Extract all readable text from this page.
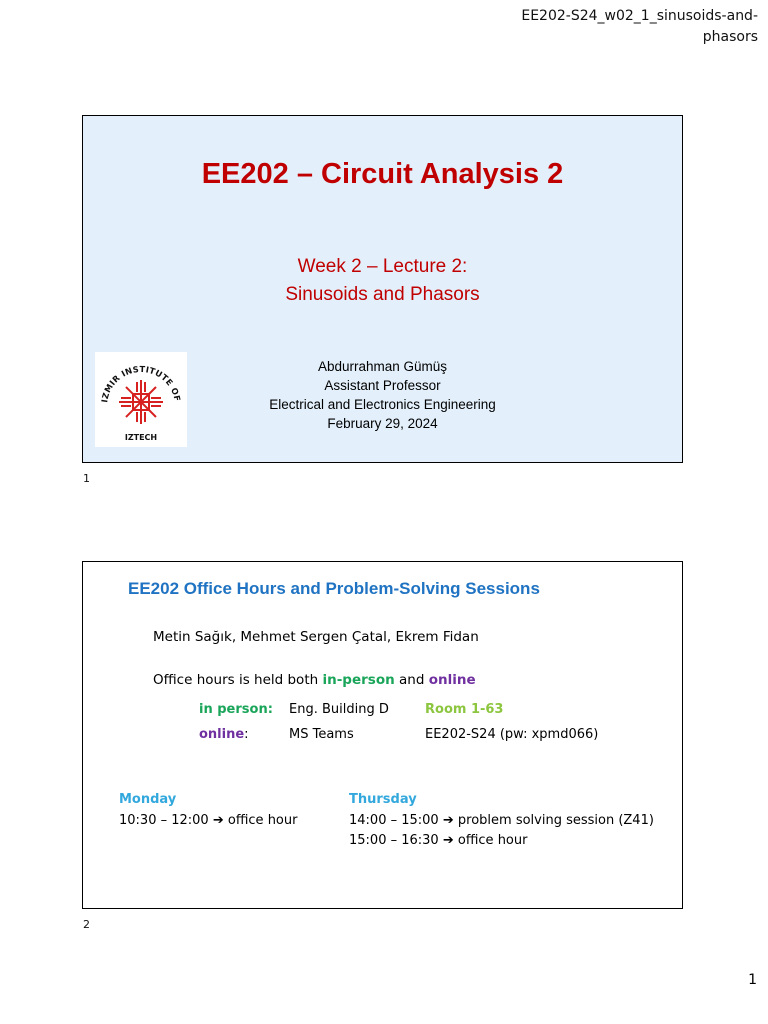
EE202-S24_w02_1_sinusoids-and-
phasors
EE202 – Circuit Analysis 2
Week 2 – Lecture 2:
Sinusoids and Phasors
IZMIR INSTITUTE OF
IZTECH
Abdurrahman Gümüş
Assistant Professor
Electrical and Electronics Engineering
February 29, 2024
1
EE202 Office Hours and Problem-Solving Sessions
Metin Sağık, Mehmet Sergen Çatal, Ekrem Fidan
Office hours is held both in-person and online
in person: Eng. Building D	Room 1-63
online:	MS Teams	EE202-S24 (pw: xpmd066)
Monday
10:30 – 12:00 ➔ office hour
Thursday
14:00 – 15:00 ➔ problem solving session (Z41)
15:00 – 16:30 ➔ office hour
2
1
